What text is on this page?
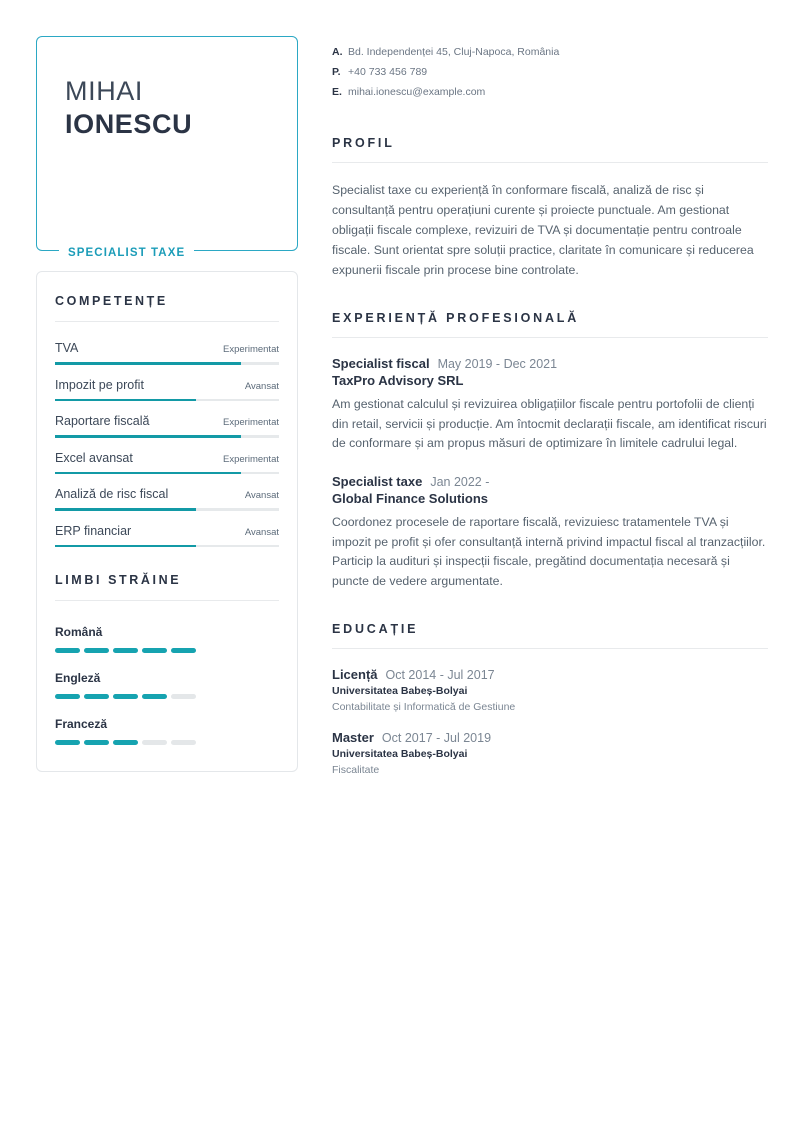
MIHAI
IONESCU
SPECIALIST TAXE
COMPETENȚE
TVA	Experimentat
Impozit pe profit	Avansat
Raportare fiscală	Experimentat
Excel avansat	Experimentat
Analiză de risc fiscal	Avansat
ERP financiar	Avansat
LIMBI STRĂINE
Română
Engleză
Franceză
A. Bd. Independenței 45, Cluj-Napoca, România
P. +40 733 456 789
E. mihai.ionescu@example.com
PROFIL
Specialist taxe cu experiență în conformare fiscală, analiză de risc și consultanță pentru operațiuni curente și proiecte punctuale. Am gestionat obligații fiscale complexe, revizuiri de TVA și documentație pentru controale fiscale. Sunt orientat spre soluții practice, claritate în comunicare și reducerea expunerii fiscale prin procese bine controlate.
EXPERIENȚĂ PROFESIONALĂ
Specialist fiscal May 2019 - Dec 2021
TaxPro Advisory SRL
Am gestionat calculul și revizuirea obligațiilor fiscale pentru portofolii de clienți din retail, servicii și producție. Am întocmit declarații fiscale, am identificat riscuri de conformare și am propus măsuri de optimizare în limitele cadrului legal.
Specialist taxe Jan 2022 -
Global Finance Solutions
Coordonez procesele de raportare fiscală, revizuiesc tratamentele TVA și impozit pe profit și ofer consultanță internă privind impactul fiscal al tranzacțiilor. Particip la audituri și inspecții fiscale, pregătind documentația necesară și puncte de vedere argumentate.
EDUCAȚIE
Licență Oct 2014 - Jul 2017
Universitatea Babeș-Bolyai
Contabilitate și Informatică de Gestiune
Master Oct 2017 - Jul 2019
Universitatea Babeș-Bolyai
Fiscalitate
